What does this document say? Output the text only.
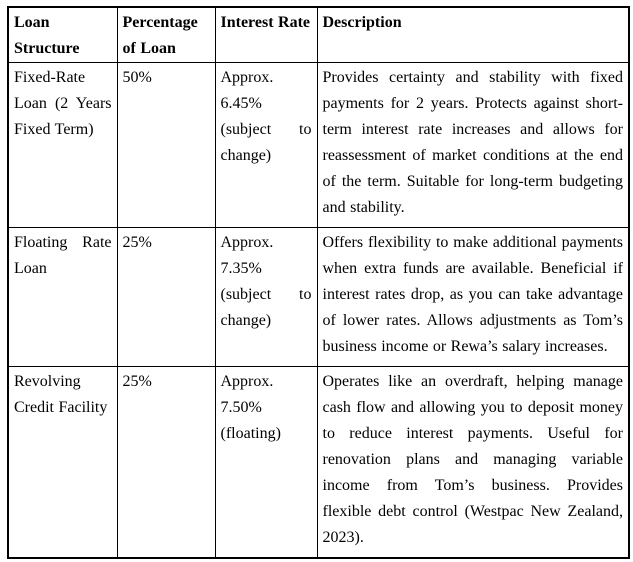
Loan Structure	Percentage of Loan	Interest Rate	Description
Fixed-Rate Loan (2 Years Fixed Term)	50%	Approx. 6.45% (subject to change)	Provides certainty and stability with fixed payments for 2 years. Protects against short-term interest rate increases and allows for reassessment of market conditions at the end of the term. Suitable for long-term budgeting and stability.
Floating Rate Loan	25%	Approx. 7.35% (subject to change)	Offers flexibility to make additional payments when extra funds are available. Beneficial if interest rates drop, as you can take advantage of lower rates. Allows adjustments as Tom’s business income or Rewa’s salary increases.
Revolving Credit Facility	25%	Approx. 7.50% (floating)	Operates like an overdraft, helping manage cash flow and allowing you to deposit money to reduce interest payments. Useful for renovation plans and managing variable income from Tom’s business. Provides flexible debt control (Westpac New Zealand, 2023).
